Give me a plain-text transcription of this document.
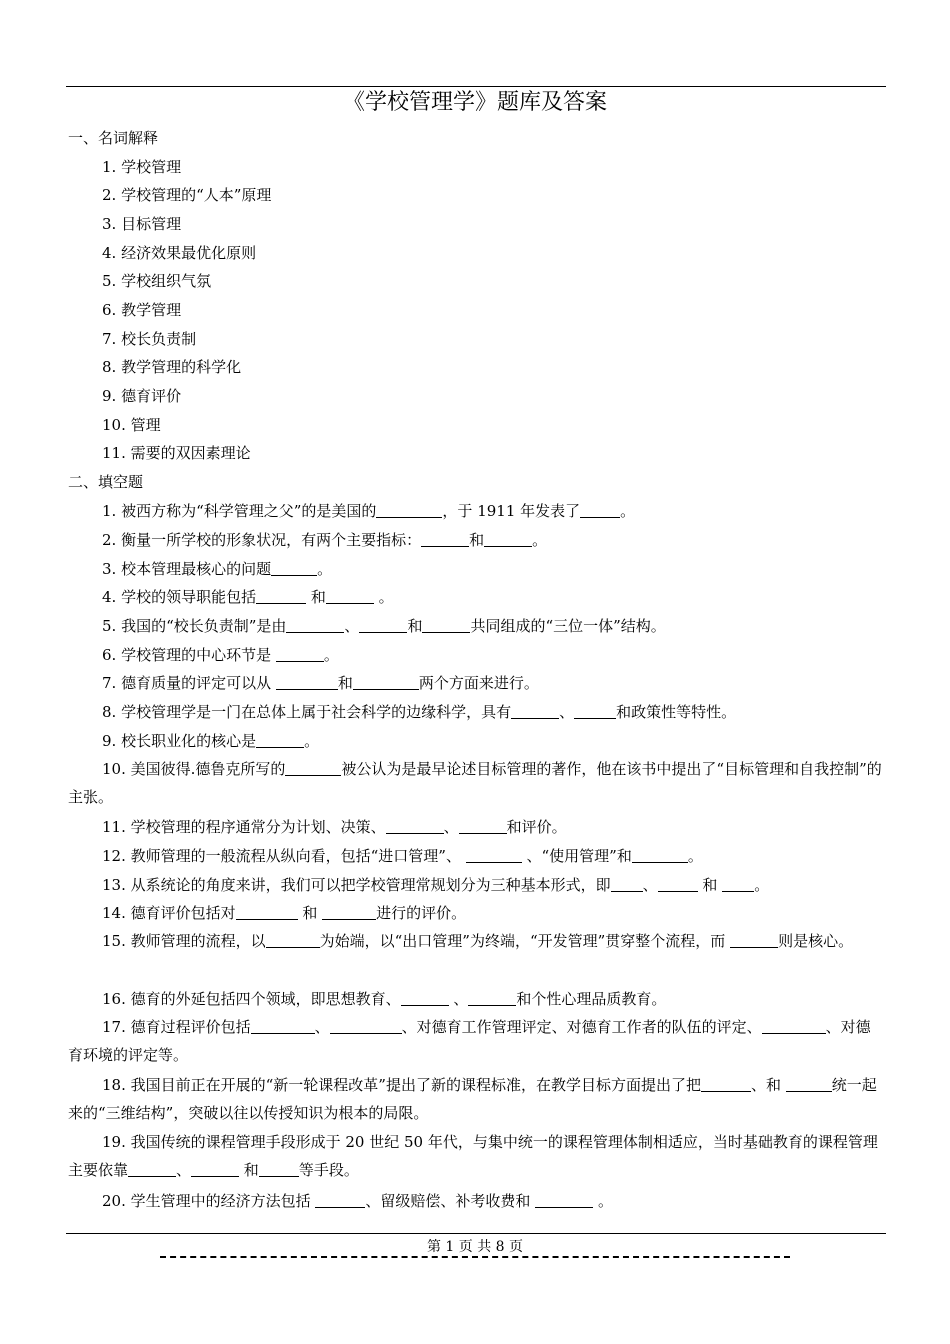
《学校管理学》题库及答案
一、名词解释
1. 学校管理
2. 学校管理的“人本”原理
3. 目标管理
4. 经济效果最优化原则
5. 学校组织气氛
6. 教学管理
7. 校长负责制
8. 教学管理的科学化
9. 德育评价
10. 管理
11. 需要的双因素理论
二、填空题
1. 被西方称为“科学管理之父”的是美国的	，于 1911 年发表了	。
2. 衡量一所学校的形象状况，有两个主要指标：	和	。
3. 校本管理最核心的问题	。
4. 学校的领导职能包括	和	。
5. 我国的“校长负责制”是由	、	和	共同组成的“三位一体”结构。
6. 学校管理的中心环节是	。
7. 德育质量的评定可以从	和	两个方面来进行。
8. 学校管理学是一门在总体上属于社会科学的边缘科学，具有	、	和政策性等特性。
9. 校长职业化的核心是	。
10. 美国彼得.德鲁克所写的	被公认为是最早论述目标管理的著作，他在该书中提出了“目标管理和自我控制”的主张。
11. 学校管理的程序通常分为计划、决策、	、	和评价。
12. 教师管理的一般流程从纵向看，包括“进口管理”、	、“使用管理”和	。
13. 从系统论的角度来讲，我们可以把学校管理常规划分为三种基本形式，即 、	和 。
14. 德育评价包括对	和	进行的评价。
15. 教师管理的流程，以	为始端，以“出口管理”为终端，“开发管理”贯穿整个流程，而	则是核心。
16. 德育的外延包括四个领域，即思想教育、	、	和个性心理品质教育。
17. 德育过程评价包括	、	、对德育工作管理评定、对德育工作者的队伍的评定、	、对德育环境的评定等。
18. 我国目前正在开展的“新一轮课程改革”提出了新的课程标准，在教学目标方面提出了把	、和	统一起来的“三维结构”，突破以往以传授知识为根本的局限。
19. 我国传统的课程管理手段形成于 20 世纪 50 年代，与集中统一的课程管理体制相适应，当时基础教育的课程管理主要依靠	、	和	等手段。
20. 学生管理中的经济方法包括	、留级赔偿、补考收费和	。
第 1 页 共 8 页
